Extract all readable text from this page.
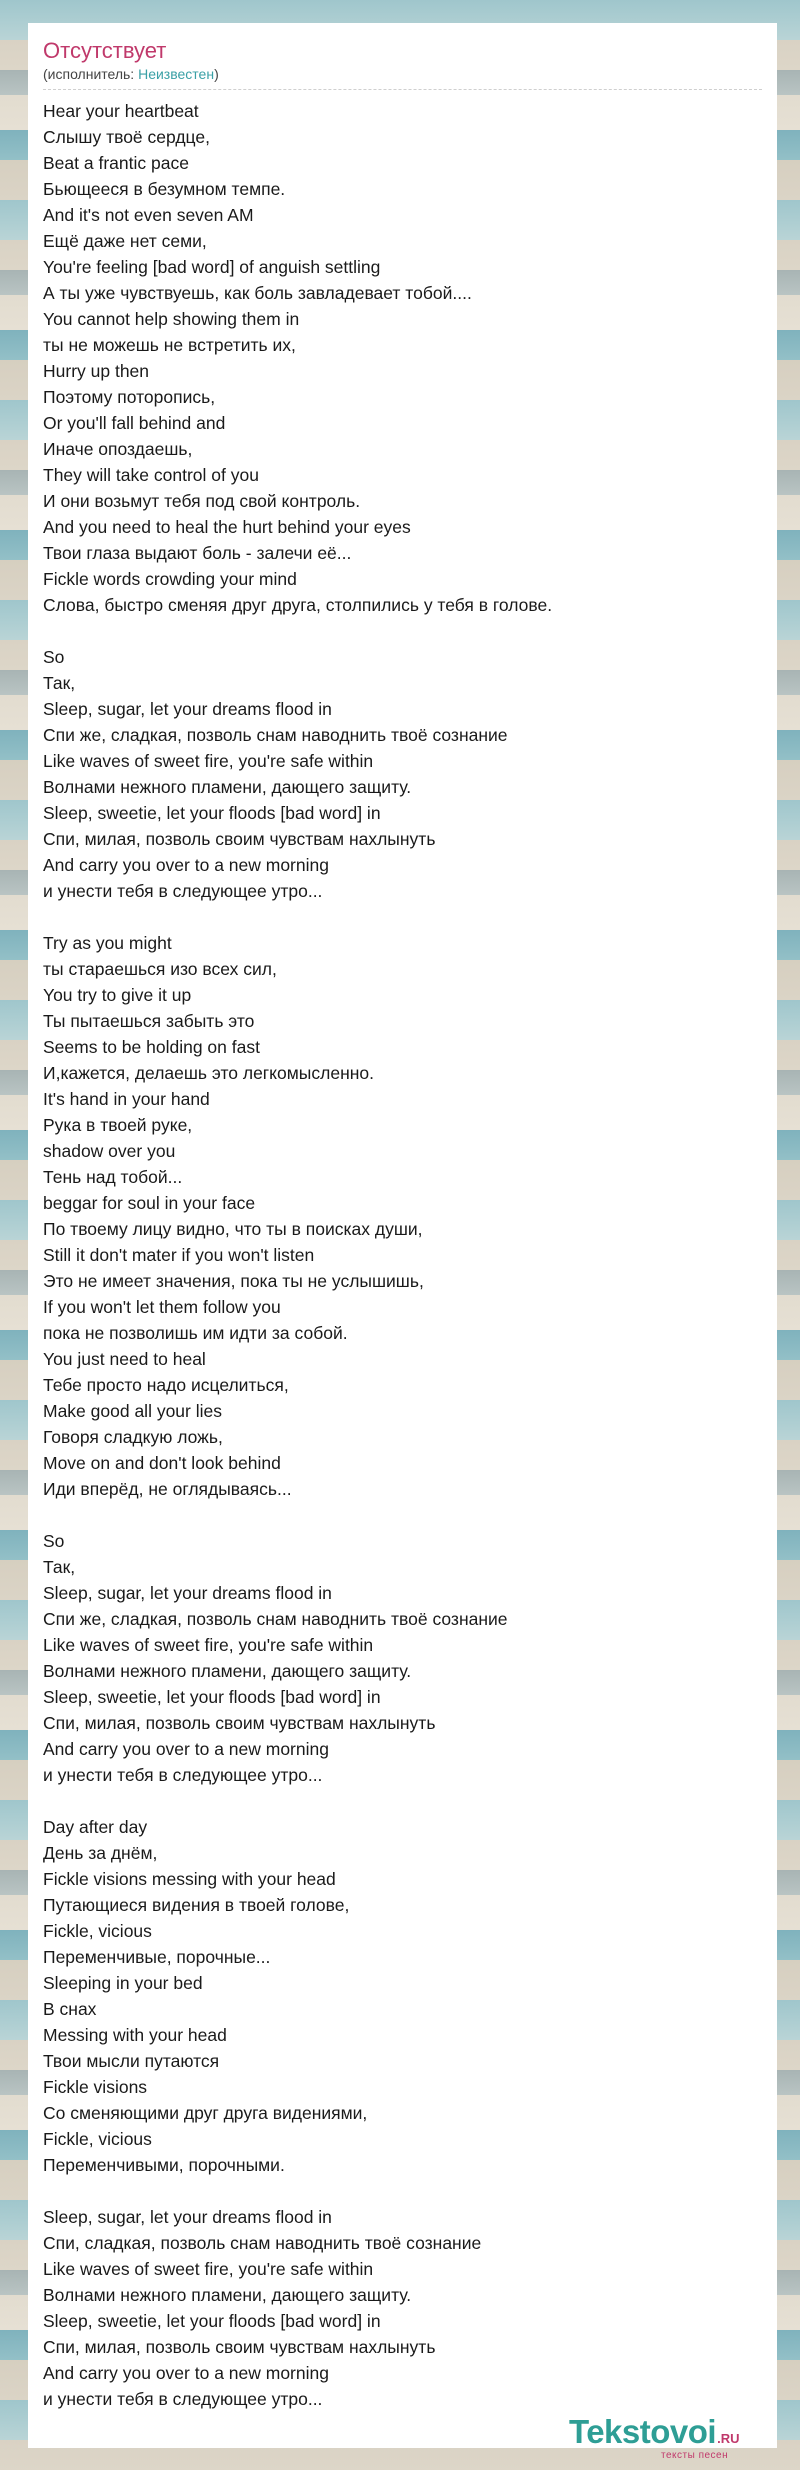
Отсутствует
(исполнитель: Неизвестен)
Hear your heartbeat
Слышу твоё сердце,
Beat a frantic pace
Бьющееся в безумном темпе.
And it's not even seven AM
Ещё даже нет семи,
You're feeling [bad word] of anguish settling
А ты уже чувствуешь, как боль завладевает тобой....
You cannot help showing them in
ты не можешь не встретить их,
Hurry up then
Поэтому поторопись,
Or you'll fall behind and
Иначе опоздаешь,
They will take control of you
И они возьмут тебя под свой контроль.
And you need to heal the hurt behind your eyes
Твои глаза выдают боль - залечи её...
Fickle words crowding your mind
Слова, быстро сменяя друг друга, столпились у тебя в голове.
So
Так,
Sleep, sugar, let your dreams flood in
Спи же, сладкая, позволь снам наводнить твоё сознание
Like waves of sweet fire, you're safe within
Волнами нежного пламени, дающего защиту.
Sleep, sweetie, let your floods [bad word] in
Спи, милая, позволь своим чувствам нахлынуть
And carry you over to a new morning
и унести тебя в следующее утро...
Try as you might
ты стараешься изо всех сил,
You try to give it up
Ты пытаешься забыть это
Seems to be holding on fast
И,кажется, делаешь это легкомысленно.
It's hand in your hand
Рука в твоей руке,
shadow over you
Тень над тобой...
beggar for soul in your face
По твоему лицу видно, что ты в поисках души,
Still it don't mater if you won't listen
Это не имеет значения, пока ты не услышишь,
If you won't let them follow you
пока не позволишь им идти за собой.
You just need to heal
Тебе просто надо исцелиться,
Make good all your lies
Говоря сладкую ложь,
Move on and don't look behind
Иди вперёд, не оглядываясь...
So
Так,
Sleep, sugar, let your dreams flood in
Спи же, сладкая, позволь снам наводнить твоё сознание
Like waves of sweet fire, you're safe within
Волнами нежного пламени, дающего защиту.
Sleep, sweetie, let your floods [bad word] in
Спи, милая, позволь своим чувствам нахлынуть
And carry you over to a new morning
и унести тебя в следующее утро...
Day after day
День за днём,
Fickle visions messing with your head
Путающиеся видения в твоей голове,
Fickle, vicious
Переменчивые, порочные...
Sleeping in your bed
В снах
Messing with your head
Твои мысли путаются
Fickle visions
Со сменяющими друг друга видениями,
Fickle, vicious
Переменчивыми, порочными.
Sleep, sugar, let your dreams flood in
Спи, сладкая, позволь снам наводнить твоё сознание
Like waves of sweet fire, you're safe within
Волнами нежного пламени, дающего защиту.
Sleep, sweetie, let your floods [bad word] in
Спи, милая, позволь своим чувствам нахлынуть
And carry you over to a new morning
и унести тебя в следующее утро...
Tekstovoi.RU
тексты песен
